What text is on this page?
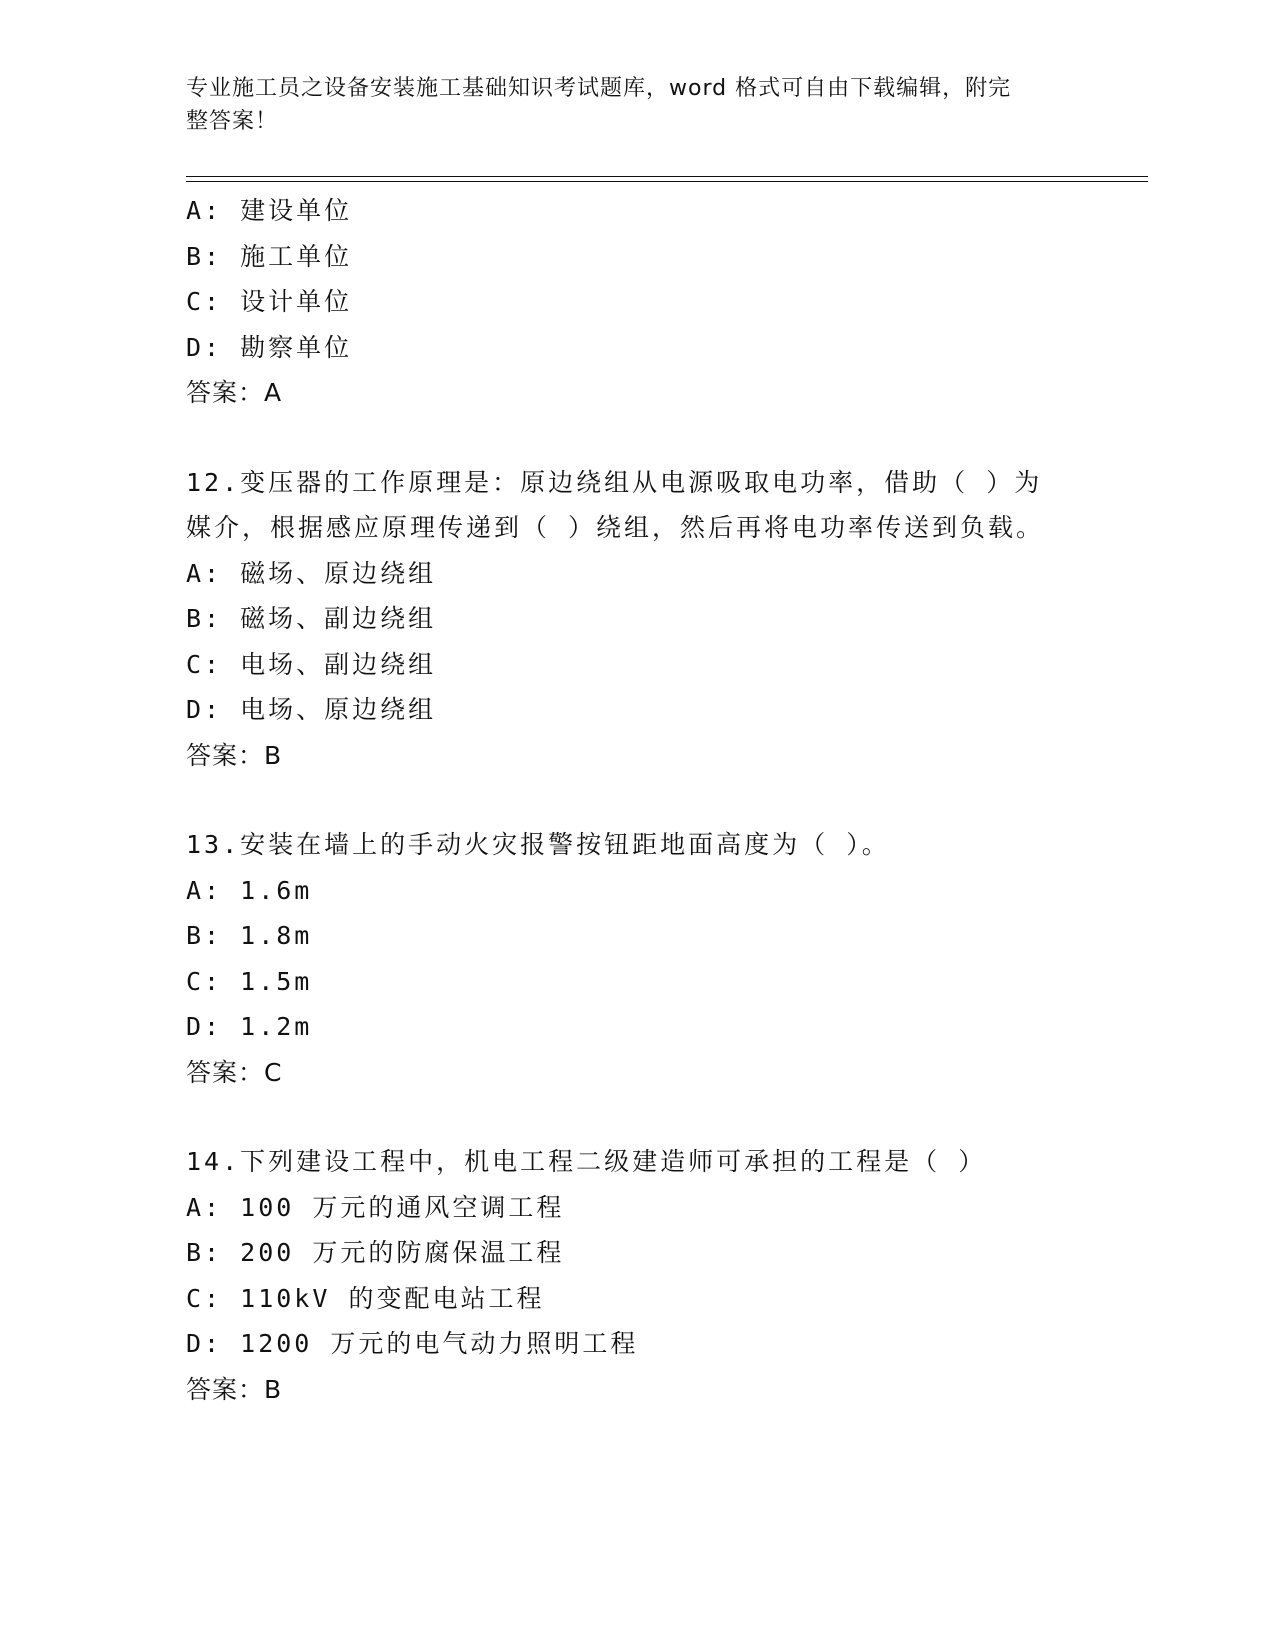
专业施工员之设备安装施工基础知识考试题库，word 格式可自由下载编辑，附完
整答案！
A: 建设单位
B: 施工单位
C: 设计单位
D: 勘察单位
答案：A
12.变压器的工作原理是：原边绕组从电源吸取电功率，借助（ ）为
媒介，根据感应原理传递到（ ）绕组，然后再将电功率传送到负载。
A: 磁场、原边绕组
B: 磁场、副边绕组
C: 电场、副边绕组
D: 电场、原边绕组
答案：B
13.安装在墙上的手动火灾报警按钮距地面高度为（ ）。
A: 1.6m
B: 1.8m
C: 1.5m
D: 1.2m
答案：C
14.下列建设工程中，机电工程二级建造师可承担的工程是（ ）
A: 100 万元的通风空调工程
B: 200 万元的防腐保温工程
C: 110kV 的变配电站工程
D: 1200 万元的电气动力照明工程
答案：B
